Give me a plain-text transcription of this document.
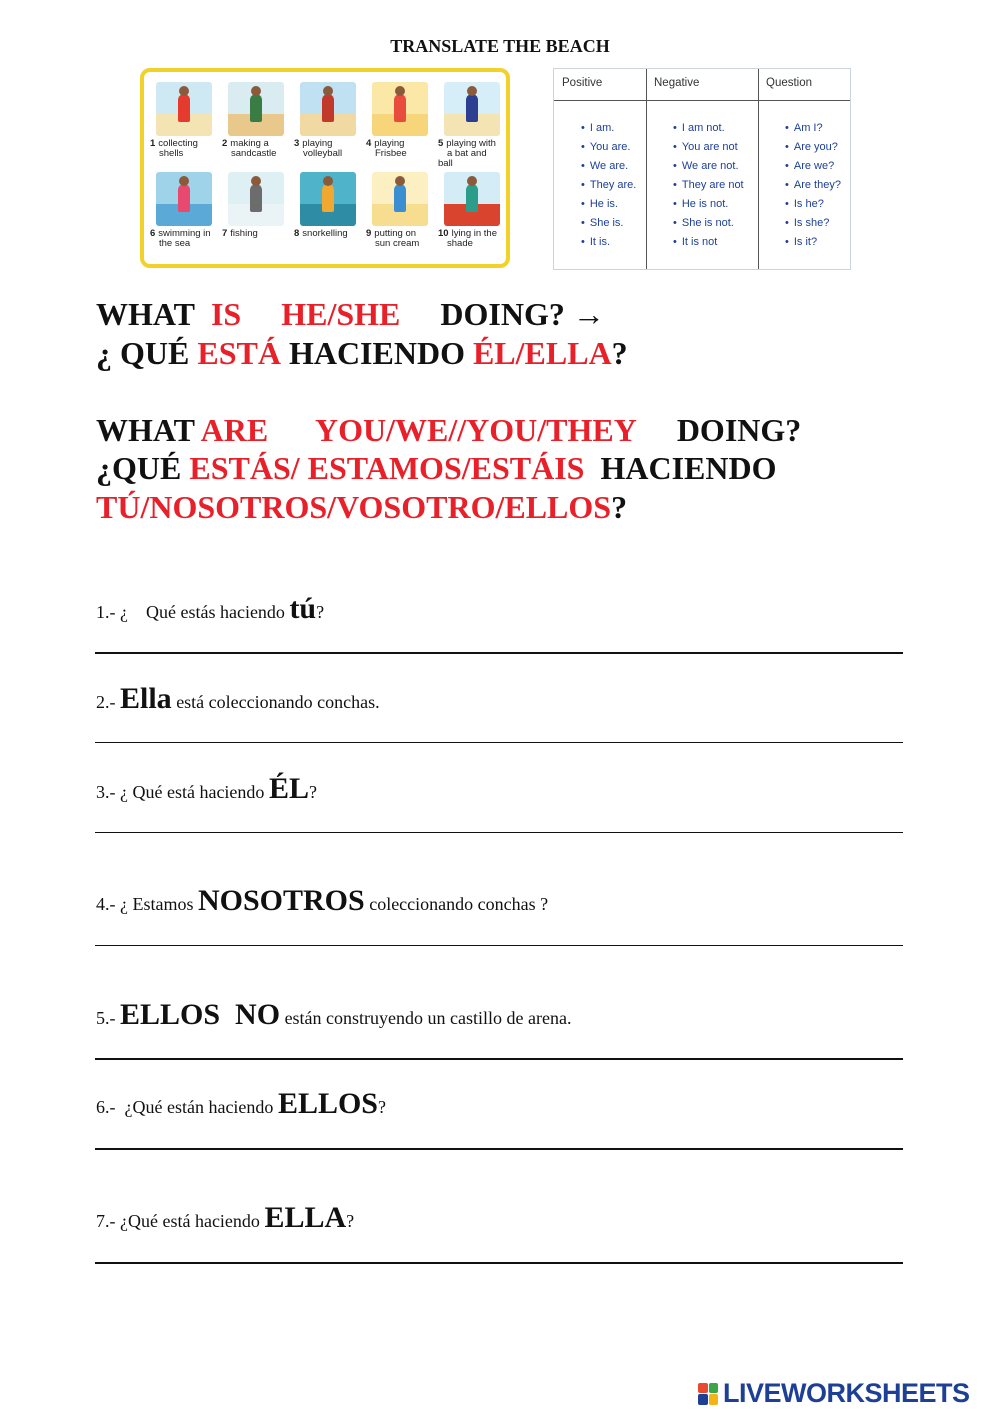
TRANSLATE THE BEACH
1 collecting
shells
2 making a
sandcastle
3 playing
volleyball
4 playing
Frisbee
5 playing with
a bat and ball
6 swimming in
the sea
7 fishing	8 snorkelling	9 putting on
sun cream
10 lying in the
shade
Positive
• I am.
• You are.
• We are.
• They are.
• He is.
• She is.
• It is.
Negative
• I am not.
• You are not
• We are not.
• They are not
• He is not.
• She is not.
• It is not
Question
• Am I?
• Are you?
• Are we?
• Are they?
• Is he?
• Is she?
• Is it?
WHAT IS HE/SHE DOING? →
¿ QUÉ ESTÁ HACIENDO ÉL/ELLA?
WHAT ARE YOU/WE//YOU/THEY DOING?
¿QUÉ ESTÁS/ ESTAMOS/ESTÁIS HACIENDO
TÚ/NOSOTROS/VOSOTRO/ELLOS?
1.- ¿    Qué estás haciendo tú?
2.- Ella está coleccionando conchas.
3.- ¿ Qué está haciendo ÉL?
4.- ¿ Estamos NOSOTROS coleccionando conchas ?
5.- ELLOS  NO están construyendo un castillo de arena.
6.-  ¿Qué están haciendo ELLOS?
7.- ¿Qué está haciendo ELLA?
LIVEWORKSHEETS
